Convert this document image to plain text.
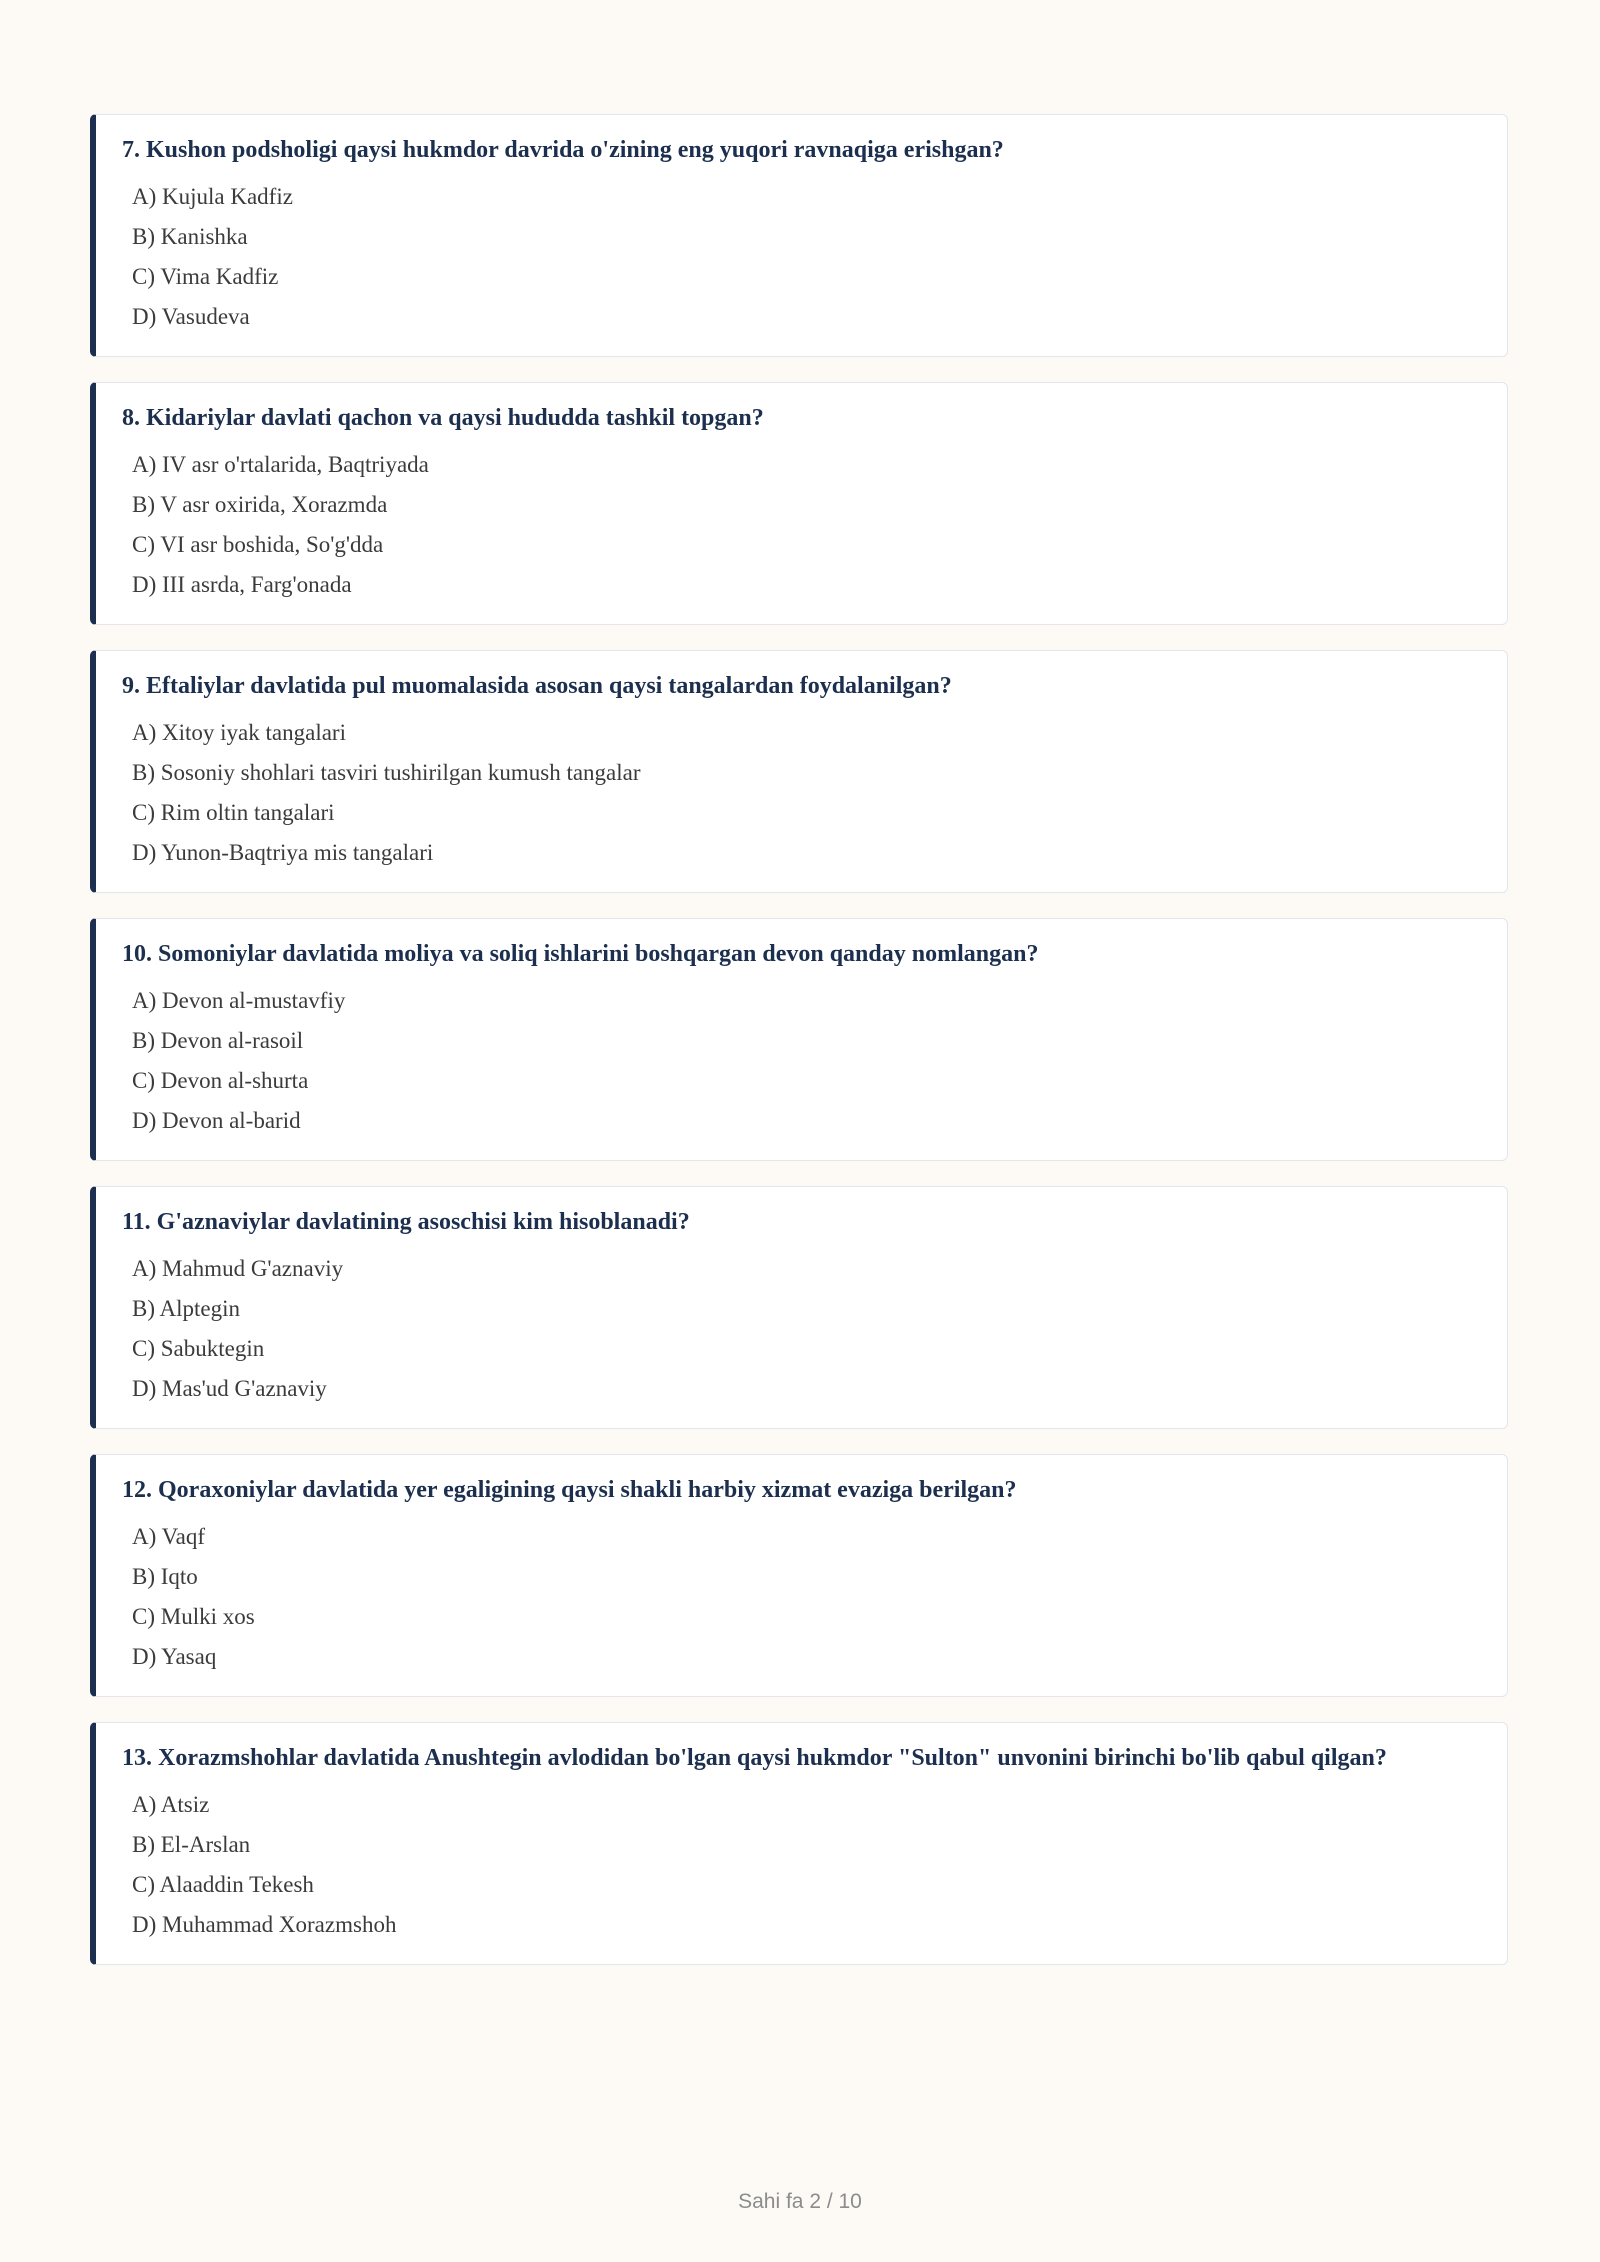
7. Kushon podsholigi qaysi hukmdor davrida o'zining eng yuqori ravnaqiga erishgan?
A) Kujula Kadfiz
B) Kanishka
C) Vima Kadfiz
D) Vasudeva
8. Kidariylar davlati qachon va qaysi hududda tashkil topgan?
A) IV asr o'rtalarida, Baqtriyada
B) V asr oxirida, Xorazmda
C) VI asr boshida, So'g'dda
D) III asrda, Farg'onada
9. Eftaliylar davlatida pul muomalasida asosan qaysi tangalardan foydalanilgan?
A) Xitoy iyak tangalari
B) Sosoniy shohlari tasviri tushirilgan kumush tangalar
C) Rim oltin tangalari
D) Yunon-Baqtriya mis tangalari
10. Somoniylar davlatida moliya va soliq ishlarini boshqargan devon qanday nomlangan?
A) Devon al-mustavfiy
B) Devon al-rasoil
C) Devon al-shurta
D) Devon al-barid
11. G'aznaviylar davlatining asoschisi kim hisoblanadi?
A) Mahmud G'aznaviy
B) Alptegin
C) Sabuktegin
D) Mas'ud G'aznaviy
12. Qoraxoniylar davlatida yer egaligining qaysi shakli harbiy xizmat evaziga berilgan?
A) Vaqf
B) Iqto
C) Mulki xos
D) Yasaq
13. Xorazmshohlar davlatida Anushtegin avlodidan bo'lgan qaysi hukmdor "Sulton" unvonini birinchi bo'lib qabul qilgan?
A) Atsiz
B) El-Arslan
C) Alaaddin Tekesh
D) Muhammad Xorazmshoh
Sahi fa 2 / 10
